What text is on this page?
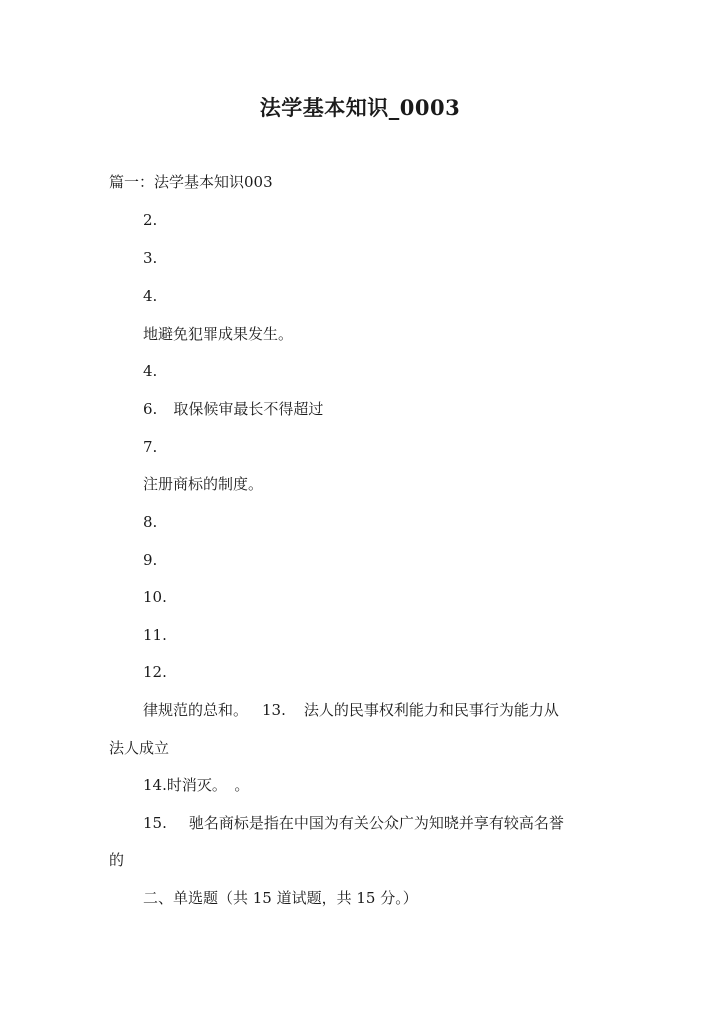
法学基本知识_0003
篇一：法学基本知识003
2.
3.
4.
地避免犯罪成果发生。
4.
6. 取保候审最长不得超过
7.
注册商标的制度。
8.
9.
10.
11.
12.
律规范的总和。 13. 法人的民事权利能力和民事行为能力从
法人成立
14.时消灭。　。
15. 驰名商标是指在中国为有关公众广为知晓并享有较高名誉
的
二、单选题（共 15 道试题，共 15 分。）
